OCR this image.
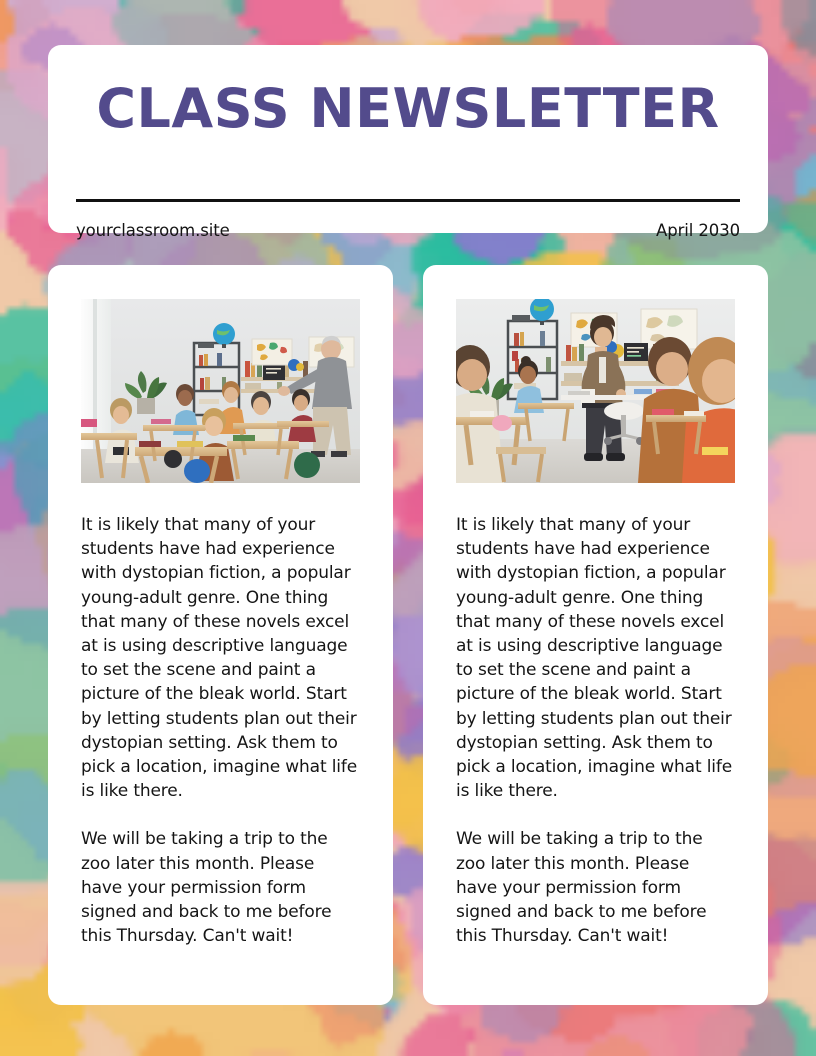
CLASS NEWSLETTER
yourclassroom.site	April 2030

It is likely that many of your students have had experience with dystopian fiction, a popular young-adult genre. One thing that many of these novels excel at is using descriptive language to set the scene and paint a picture of the bleak world. Start by letting students plan out their dystopian setting. Ask them to pick a location, imagine what life is like there.

We will be taking a trip to the zoo later this month. Please have your permission form signed and back to me before this Thursday. Can't wait!

It is likely that many of your students have had experience with dystopian fiction, a popular young-adult genre. One thing that many of these novels excel at is using descriptive language to set the scene and paint a picture of the bleak world. Start by letting students plan out their dystopian setting. Ask them to pick a location, imagine what life is like there.

We will be taking a trip to the zoo later this month. Please have your permission form signed and back to me before this Thursday. Can't wait!
